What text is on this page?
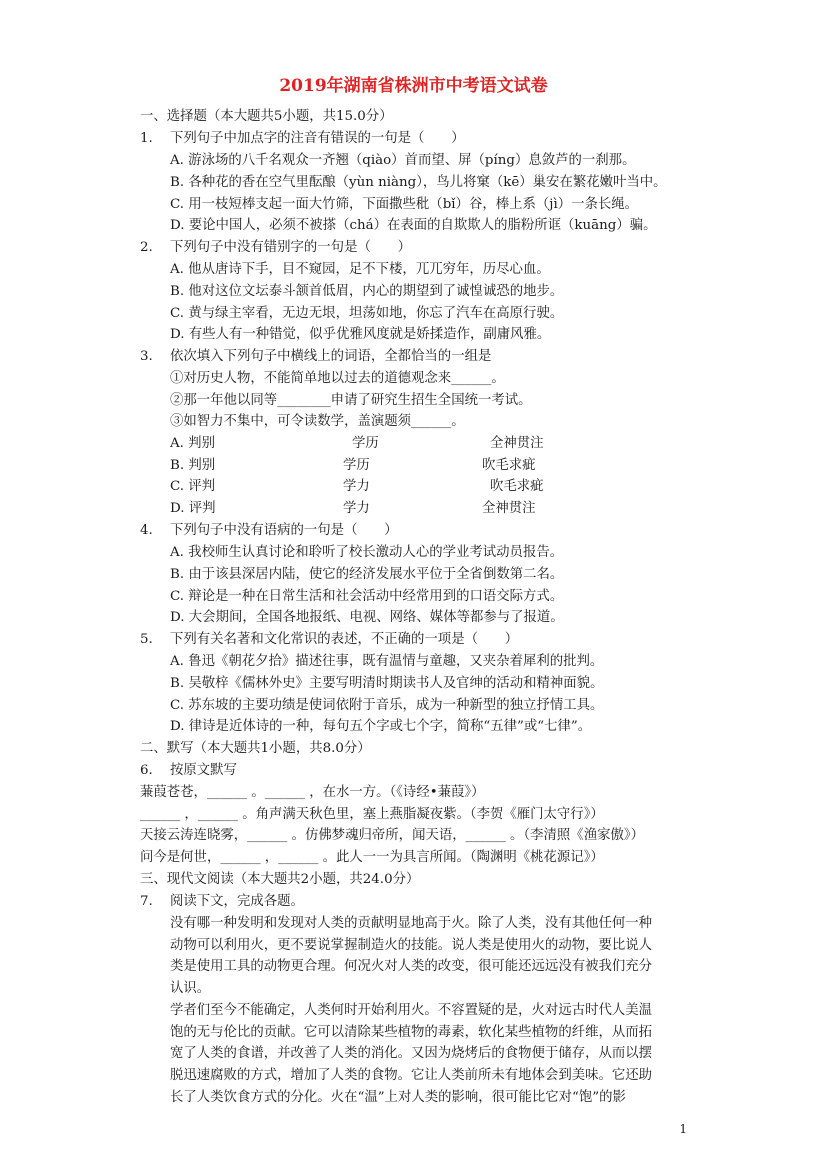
2019年湖南省株洲市中考语文试卷
一、选择题（本大题共5小题，共15.0分）
1. 下列句子中加点字的注音有错误的一句是（　　）
A. 游泳场的八千名观众一齐翘（qiào）首而望、屏（píng）息敛芦的一刹那。
B. 各种花的香在空气里酝酿（yùn niàng），鸟儿将窠（kē）巢安在繁花嫩叶当中。
C. 用一枝短棒支起一面大竹筛，下面撒些秕（bǐ）谷，棒上系（jì）一条长绳。
D. 要论中国人，必须不被搽（chá）在表面的自欺欺人的脂粉所诓（kuāng）骗。
2. 下列句子中没有错别字的一句是（　　）
A. 他从唐诗下手，目不窥园，足不下楼，兀兀穷年，历尽心血。
B. 他对这位文坛泰斗颔首低眉，内心的期望到了诚惶诚恐的地步。
C. 黄与绿主宰看，无边无垠，坦荡如地，你忘了汽车在高原行驶。
D. 有些人有一种错觉，似乎优雅风度就是娇揉造作，副庸风雅。
3. 依次填入下列句子中横线上的词语，全都恰当的一组是
①对历史人物，不能简单地以过去的道德观念来______。
②那一年他以同等________申请了研究生招生全国统一考试。
③如智力不集中，可令读数学，盖演题须______。
A. 判别	学历	全神贯注
B. 判别	学历	吹毛求疵
C. 评判	学力	吹毛求疵
D. 评判	学力	全神贯注
4. 下列句子中没有语病的一句是（　　）
A. 我校师生认真讨论和聆听了校长激动人心的学业考试动员报告。
B. 由于该县深居内陆，使它的经济发展水平位于全省倒数第二名。
C. 辩论是一种在日常生活和社会活动中经常用到的口语交际方式。
D. 大会期间，全国各地报纸、电视、网络、媒体等都参与了报道。
5. 下列有关名著和文化常识的表述，不正确的一项是（　　）
A. 鲁迅《朝花夕拾》描述往事，既有温情与童趣，又夹杂着犀利的批判。
B. 吴敬梓《儒林外史》主要写明清时期读书人及官绅的活动和精神面貌。
C. 苏东坡的主要功绩是使词依附于音乐，成为一种新型的独立抒情工具。
D. 律诗是近体诗的一种，每句五个字或七个字，简称“五律”或“七律”。
二、默写（本大题共1小题，共8.0分）
6. 按原文默写
蒹葭苍苍，______ 。______ ，在水一方。（《诗经•蒹葭》）
______ ，______ 。角声满天秋色里，塞上燕脂凝夜紫。（李贺《雁门太守行》）
天接云涛连晓雾，______ 。仿佛梦魂归帝所，闻天语，______ 。（李清照《渔家傲》）
问今是何世，______ ，______ 。此人一一为具言所闻。（陶渊明《桃花源记》）
三、现代文阅读（本大题共2小题，共24.0分）
7. 阅读下文，完成各题。
没有哪一种发明和发现对人类的贡献明显地高于火。除了人类，没有其他任何一种
动物可以利用火，更不要说掌握制造火的技能。说人类是使用火的动物，要比说人
类是使用工具的动物更合理。何况火对人类的改变，很可能还远远没有被我们充分
认识。
学者们至今不能确定，人类何时开始利用火。不容置疑的是，火对远古时代人美温
饱的无与伦比的贡献。它可以清除某些植物的毒素，软化某些植物的纤维，从而拓
宽了人类的食谱，并改善了人类的消化。又因为烧烤后的食物便于储存，从而以摆
脱迅速腐败的方式，增加了人类的食物。它让人类前所未有地体会到美味。它还助
长了人类饮食方式的分化。火在“温”上对人类的影响，很可能比它对“饱”的影
1
